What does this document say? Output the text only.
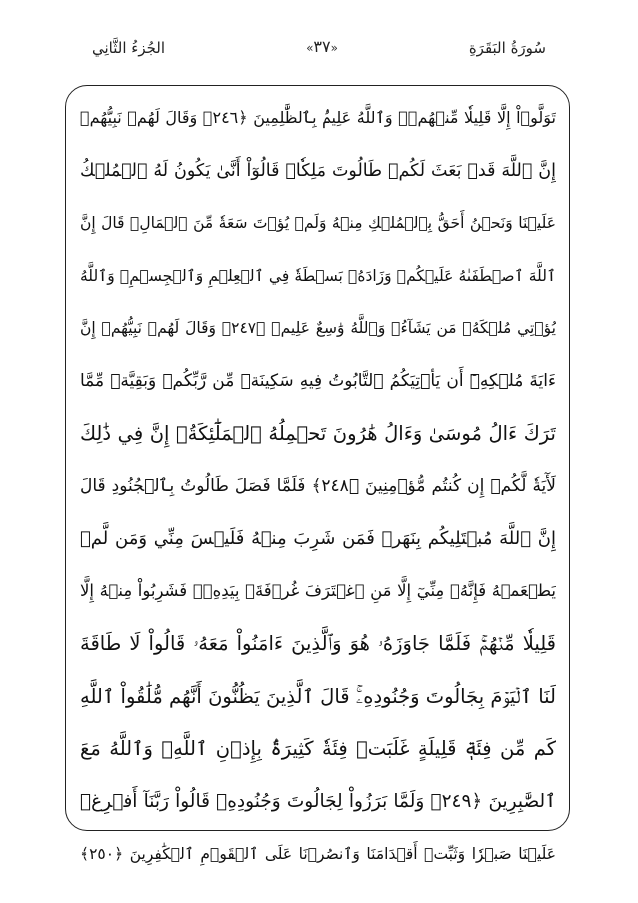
سُورَةُ البَقَرَةِ
«٣٧»
الجُزءُ الثَّانِي
تَوَلَّوۡاْ إِلَّا قَلِيلٗا مِّنۡهُمۡۚ وَٱللَّهُ عَلِيمُۢ بِٱلظَّٰلِمِينَ ﴿٢٤٦﴾ وَقَالَ لَهُمۡ نَبِيُّهُمۡ
إِنَّ ٱللَّهَ قَدۡ بَعَثَ لَكُمۡ طَالُوتَ مَلِكٗاۚ قَالُوٓاْ أَنَّىٰ يَكُونُ لَهُ ٱلۡمُلۡكُ
عَلَيۡنَا وَنَحۡنُ أَحَقُّ بِٱلۡمُلۡكِ مِنۡهُ وَلَمۡ يُؤۡتَ سَعَةٗ مِّنَ ٱلۡمَالِۚ قَالَ إِنَّ
ٱللَّهَ ٱصۡطَفَىٰهُ عَلَيۡكُمۡ وَزَادَهُۥ بَسۡطَةٗ فِي ٱلۡعِلۡمِ وَٱلۡجِسۡمِۖ وَٱللَّهُ
يُؤۡتِي مُلۡكَهُۥ مَن يَشَآءُۚ وَٱللَّهُ وَٰسِعٌ عَلِيمٞ ﴿٢٤٧﴾ وَقَالَ لَهُمۡ نَبِيُّهُمۡ إِنَّ
ءَايَةَ مُلۡكِهِۦٓ أَن يَأۡتِيَكُمُ ٱلتَّابُوتُ فِيهِ سَكِينَةٞ مِّن رَّبِّكُمۡ وَبَقِيَّةٞ مِّمَّا
تَرَكَ ءَالُ مُوسَىٰ وَءَالُ هَٰرُونَ تَحۡمِلُهُ ٱلۡمَلَٰٓئِكَةُۚ إِنَّ فِي ذَٰلِكَ
لَأٓيَةٗ لَّكُمۡ إِن كُنتُم مُّؤۡمِنِينَ ﴿٢٤٨﴾ فَلَمَّا فَصَلَ طَالُوتُ بِٱلۡجُنُودِ قَالَ
إِنَّ ٱللَّهَ مُبۡتَلِيكُم بِنَهَرٖ فَمَن شَرِبَ مِنۡهُ فَلَيۡسَ مِنِّي وَمَن لَّمۡ
يَطۡعَمۡهُ فَإِنَّهُۥ مِنِّيٓ إِلَّا مَنِ ٱغۡتَرَفَ غُرۡفَةَۢ بِيَدِهِۦۚ فَشَرِبُواْ مِنۡهُ إِلَّا
قَلِيلٗا مِّنۡهُمۡۚ فَلَمَّا جَاوَزَهُۥ هُوَ وَٱلَّذِينَ ءَامَنُواْ مَعَهُۥ قَالُواْ لَا طَاقَةَ
لَنَا ٱلۡيَوۡمَ بِجَالُوتَ وَجُنُودِهِۦۚ قَالَ ٱلَّذِينَ يَظُنُّونَ أَنَّهُم مُّلَٰقُواْ ٱللَّهِ
كَم مِّن فِئَةٖ قَلِيلَةٍ غَلَبَتۡ فِئَةٗ كَثِيرَةَۢ بِإِذۡنِ ٱللَّهِۗ وَٱللَّهُ مَعَ
ٱلصَّٰبِرِينَ ﴿٢٤٩﴾ وَلَمَّا بَرَزُواْ لِجَالُوتَ وَجُنُودِهِۦ قَالُواْ رَبَّنَآ أَفۡرِغۡ
عَلَيۡنَا صَبۡرٗا وَثَبِّتۡ أَقۡدَامَنَا وَٱنصُرۡنَا عَلَى ٱلۡقَوۡمِ ٱلۡكَٰفِرِينَ ﴿٢٥٠﴾
